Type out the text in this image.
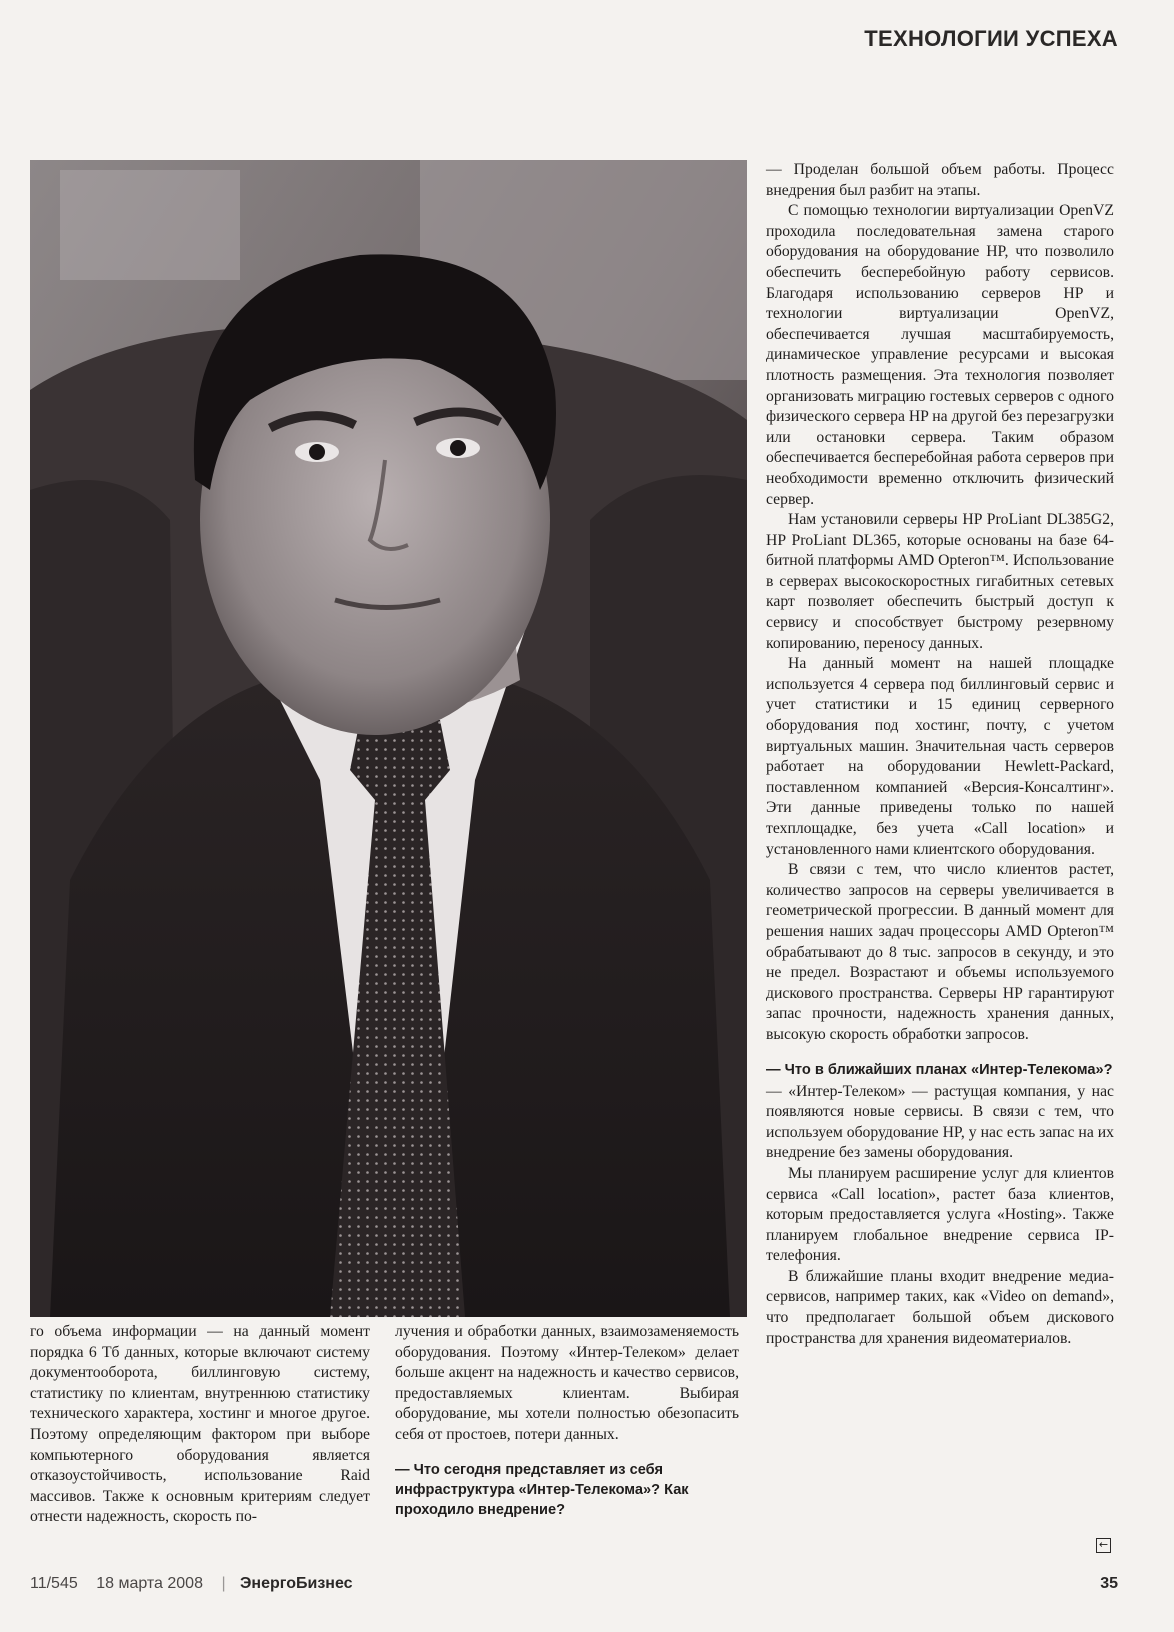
ТЕХНОЛОГИИ УСПЕХА

— Проделан большой объем работы. Процесс внедрения был разбит на этапы.

С помощью технологии виртуализации OpenVZ проходила последовательная замена старого оборудования на оборудование HP, что позволило обеспечить бесперебойную работу сервисов. Благодаря использованию серверов HP и технологии виртуализации OpenVZ, обеспечивается лучшая масштабируемость, динамическое управление ресурсами и высокая плотность размещения. Эта технология позволяет организовать миграцию гостевых серверов с одного физического сервера HP на другой без перезагрузки или остановки сервера. Таким образом обеспечивается бесперебойная работа серверов при необходимости временно отключить физический сервер.

Нам установили серверы HP ProLiant DL385G2, HP ProLiant DL365, которые основаны на базе 64-битной платформы AMD Opteron™. Использование в серверах высокоскоростных гигабитных сетевых карт позволяет обеспечить быстрый доступ к сервису и способствует быстрому резервному копированию, переносу данных.

На данный момент на нашей площадке используется 4 сервера под биллинговый сервис и учет статистики и 15 единиц серверного оборудования под хостинг, почту, с учетом виртуальных машин. Значительная часть серверов работает на оборудовании Hewlett-Packard, поставленном компанией «Версия-Консалтинг». Эти данные приведены только по нашей техплощадке, без учета «Call location» и установленного нами клиентского оборудования.

В связи с тем, что число клиентов растет, количество запросов на серверы увеличивается в геометрической прогрессии. В данный момент для решения наших задач процессоры AMD Opteron™ обрабатывают до 8 тыс. запросов в секунду, и это не предел. Возрастают и объемы используемого дискового пространства. Серверы HP гарантируют запас прочности, надежность хранения данных, высокую скорость обработки запросов.

— Что в ближайших планах «Интер-Телекома»?

— «Интер-Телеком» — растущая компания, у нас появляются новые сервисы. В связи с тем, что используем оборудование HP, у нас есть запас на их внедрение без замены оборудования.

Мы планируем расширение услуг для клиентов сервиса «Call location», растет база клиентов, которым предоставляется услуга «Hosting». Также планируем глобальное внедрение сервиса IP-телефония.

В ближайшие планы входит внедрение медиа-сервисов, например таких, как «Video on demand», что предполагает большой объем дискового пространства для хранения видеоматериалов.

го объема информации — на данный момент порядка 6 Тб данных, которые включают систему документооборота, биллинговую систему, статистику по клиентам, внутреннюю статистику технического характера, хостинг и многое другое. Поэтому определяющим фактором при выборе компьютерного оборудования является отказоустойчивость, использование Raid массивов. Также к основным критериям следует отнести надежность, скорость по-

лучения и обработки данных, взаимозаменяемость оборудования. Поэтому «Интер-Телеком» делает больше акцент на надежность и качество сервисов, предоставляемых клиентам. Выбирая оборудование, мы хотели полностью обезопасить себя от простоев, потери данных.

— Что сегодня представляет из себя инфраструктура «Интер-Телекома»? Как проходило внедрение?
←
11/545 18 марта 2008 | ЭнергоБизнес	35
